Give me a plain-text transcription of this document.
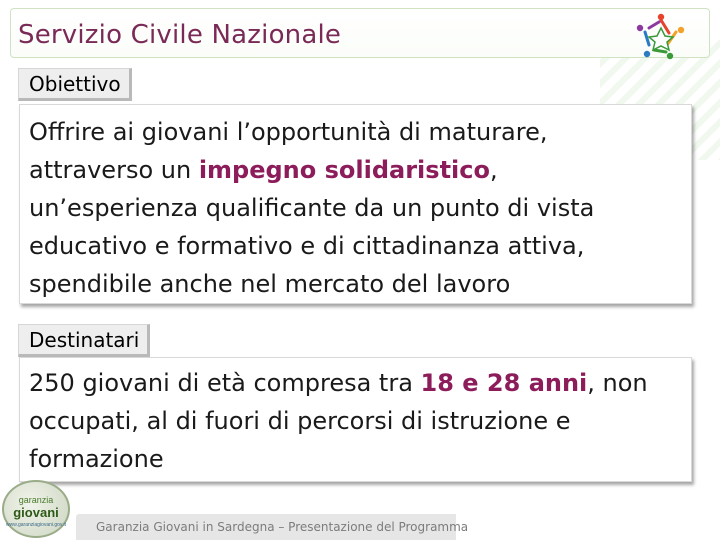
Servizio Civile Nazionale
Obiettivo
Offrire ai giovani l’opportunità di maturare,
attraverso un impegno solidaristico,
un’esperienza qualificante da un punto di vista
educativo e formativo e di cittadinanza attiva,
spendibile anche nel mercato del lavoro
Destinatari
250 giovani di età compresa tra 18 e 28 anni, non
occupati, al di fuori di percorsi di istruzione e
formazione
garanzia
giovani
www.garanziagiovani.gov.it	Garanzia Giovani in Sardegna – Presentazione del Programma
